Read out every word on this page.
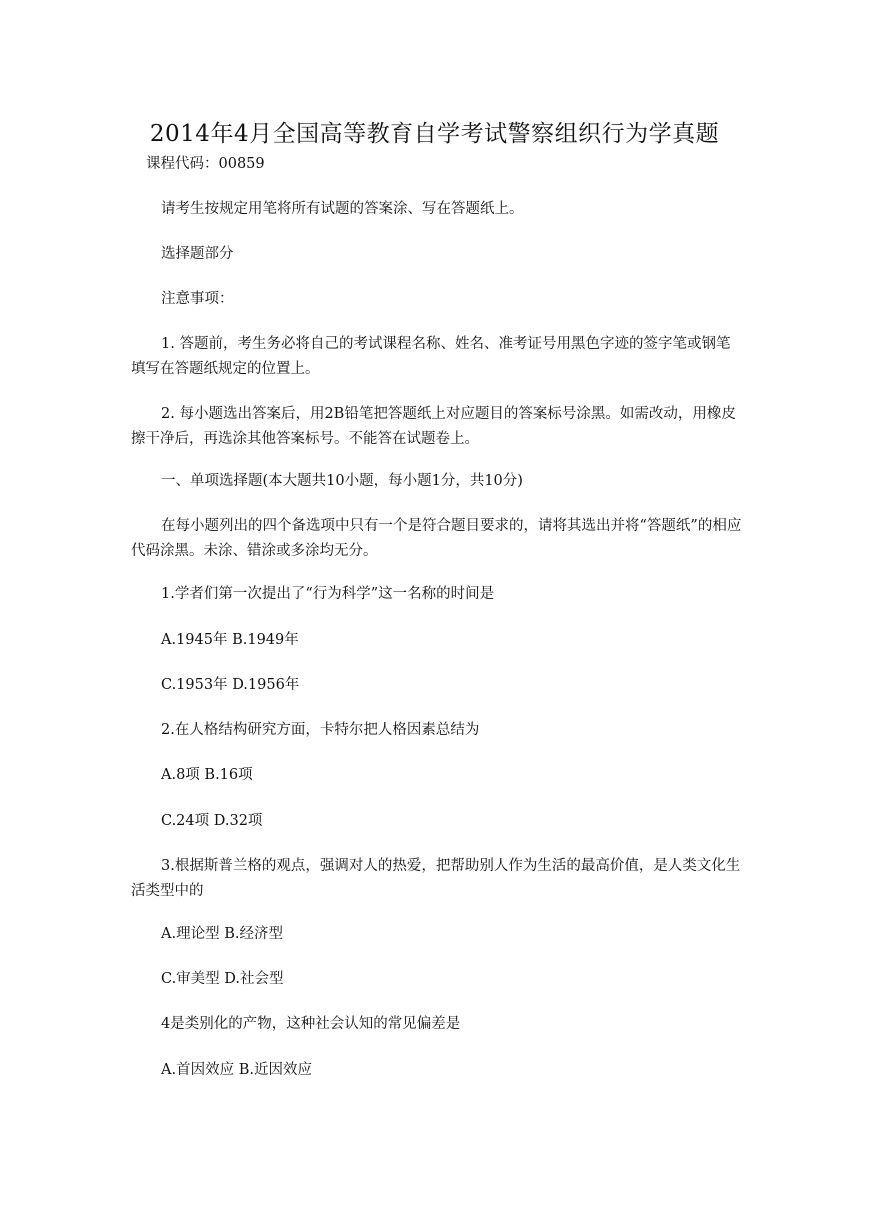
2014年4月全国高等教育自学考试警察组织行为学真题
课程代码：00859

请考生按规定用笔将所有试题的答案涂、写在答题纸上。

选择题部分

注意事项：

1. 答题前，考生务必将自己的考试课程名称、姓名、准考证号用黑色字迹的签字笔或钢笔填写在答题纸规定的位置上。

2. 每小题选出答案后，用2B铅笔把答题纸上对应题目的答案标号涂黑。如需改动，用橡皮擦干净后，再选涂其他答案标号。不能答在试题卷上。

一、单项选择题(本大题共10小题，每小题1分，共10分)

在每小题列出的四个备选项中只有一个是符合题目要求的，请将其选出并将“答题纸”的相应代码涂黑。未涂、错涂或多涂均无分。

1.学者们第一次提出了“行为科学”这一名称的时间是

A.1945年 B.1949年

C.1953年 D.1956年

2.在人格结构研究方面，卡特尔把人格因素总结为

A.8项 B.16项

C.24项 D.32项

3.根据斯普兰格的观点，强调对人的热爱，把帮助别人作为生活的最高价值，是人类文化生活类型中的

A.理论型 B.经济型

C.审美型 D.社会型

4是类别化的产物，这种社会认知的常见偏差是

A.首因效应 B.近因效应
